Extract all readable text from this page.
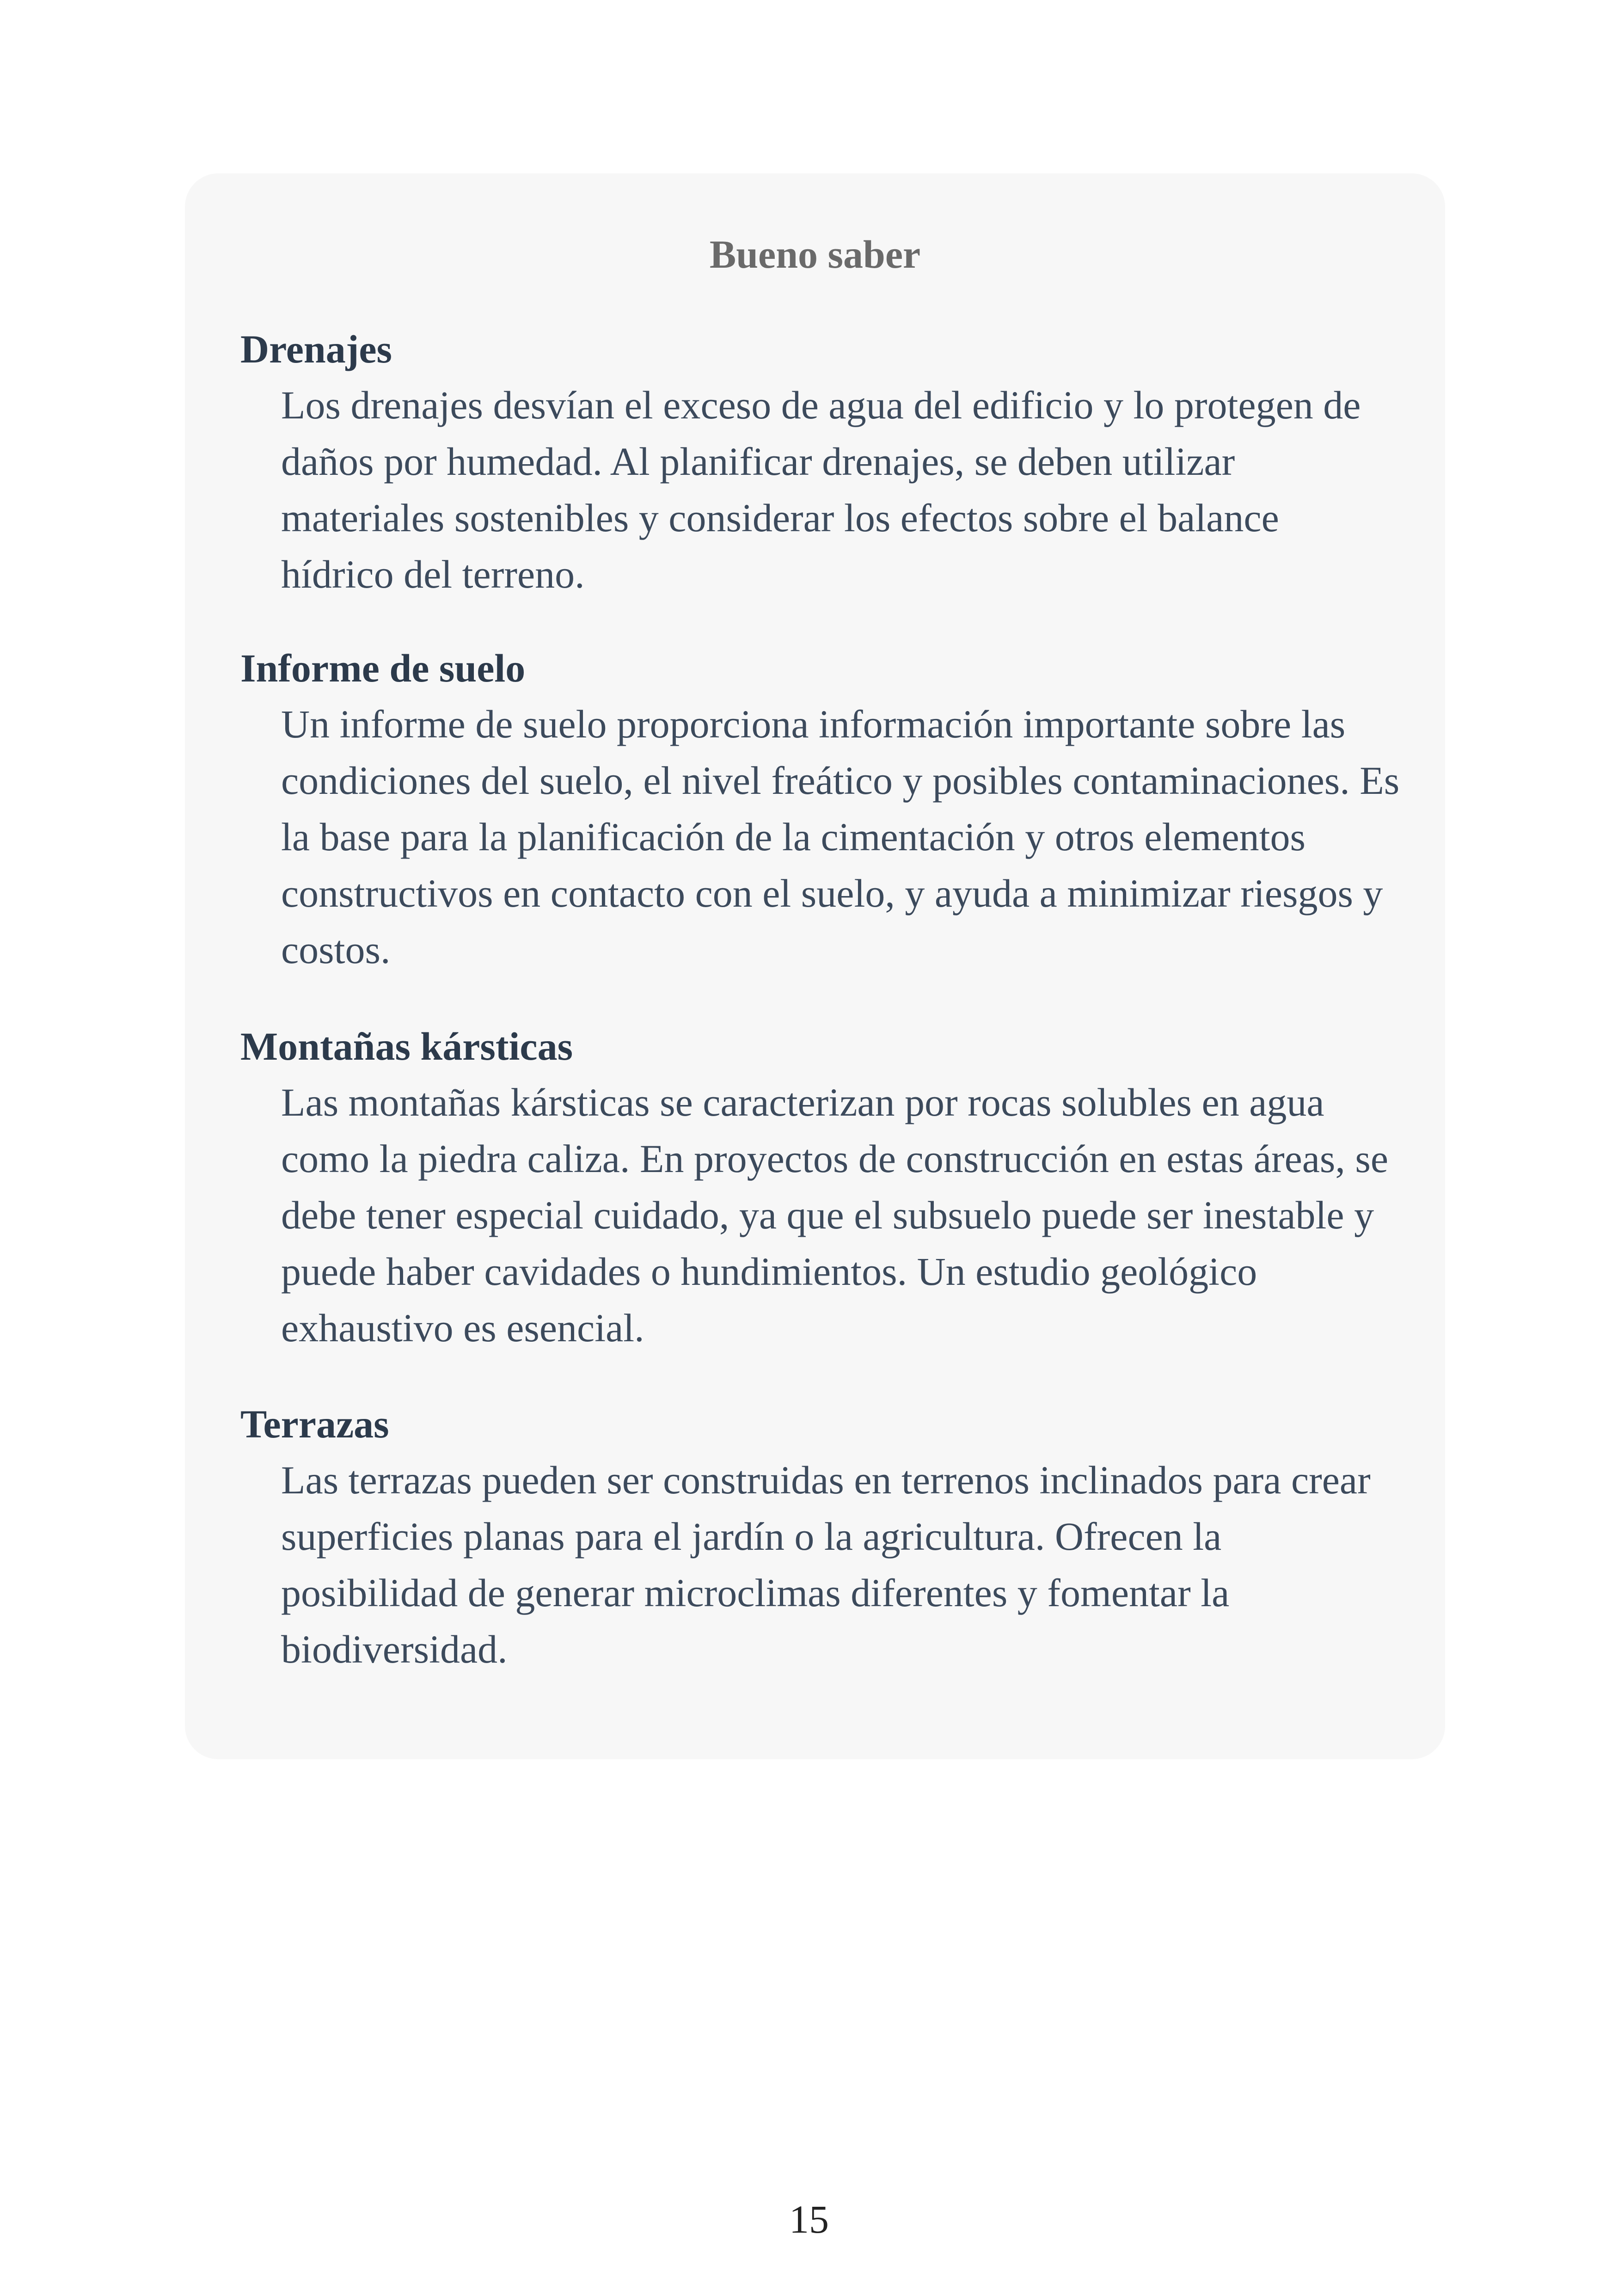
Bueno saber

Drenajes

Los drenajes desvían el exceso de agua del edificio y lo protegen de daños por humedad. Al planificar drenajes, se deben utilizar materiales sostenibles y considerar los efectos sobre el balance hídrico del terreno.

Informe de suelo

Un informe de suelo proporciona información importante sobre las condiciones del suelo, el nivel freático y posibles contaminaciones. Es la base para la planificación de la cimentación y otros elementos constructivos en contacto con el suelo, y ayuda a minimizar riesgos y costos.

Montañas kársticas

Las montañas kársticas se caracterizan por rocas solubles en agua como la piedra caliza. En proyectos de construcción en estas áreas, se debe tener especial cuidado, ya que el subsuelo puede ser inestable y puede haber cavidades o hundimientos. Un estudio geológico exhaustivo es esencial.

Terrazas

Las terrazas pueden ser construidas en terrenos inclinados para crear superficies planas para el jardín o la agricultura. Ofrecen la posibilidad de generar microclimas diferentes y fomentar la biodiversidad.

15
